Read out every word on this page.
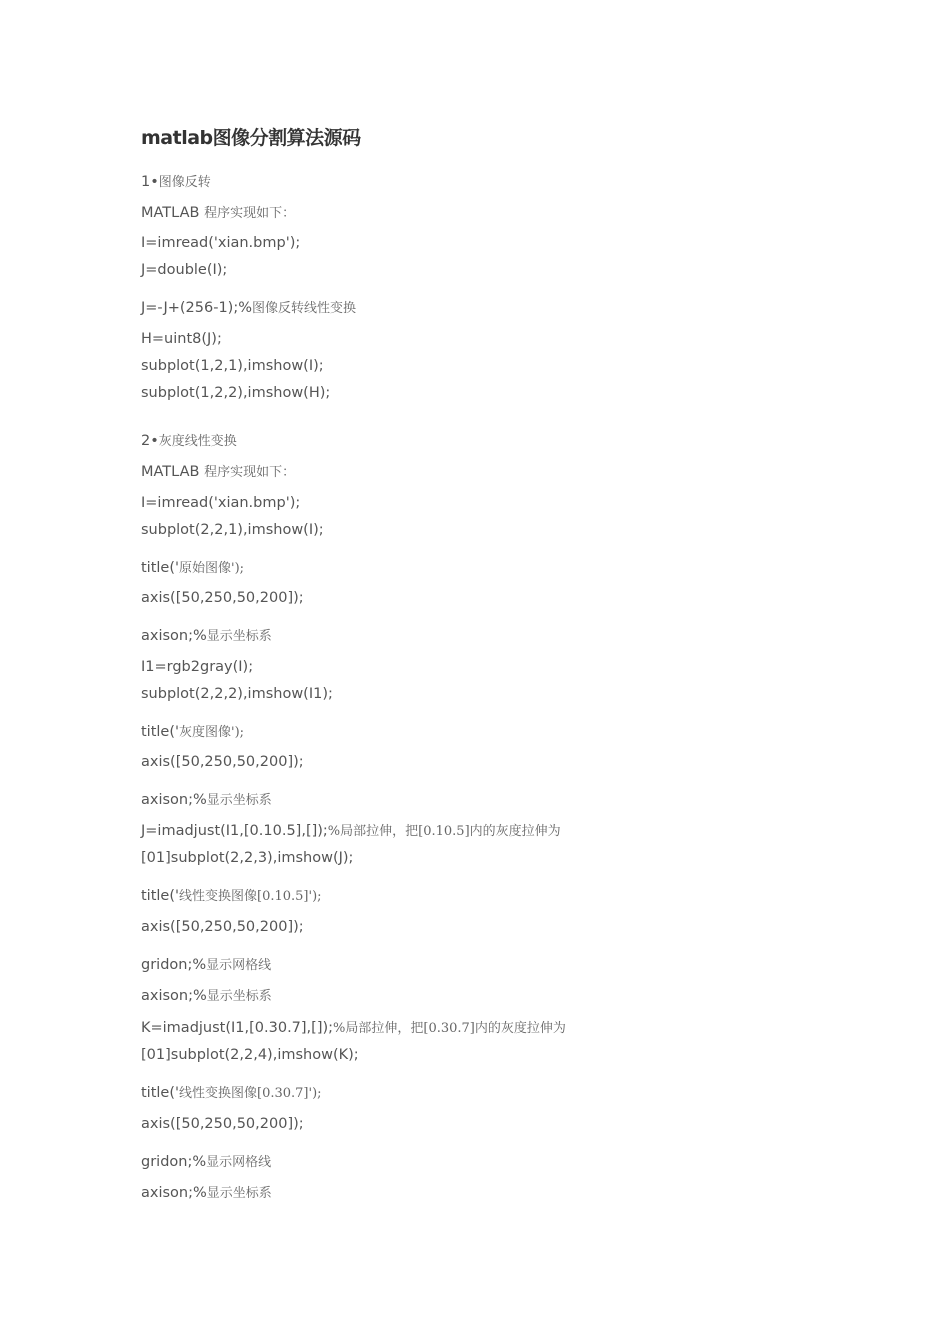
matlab图像分割算法源码
1•图像反转
MATLAB 程序实现如下：
I=imread('xian.bmp');
J=double(I);
J=-J+(256-1);%图像反转线性变换
H=uint8(J);
subplot(1,2,1),imshow(I);
subplot(1,2,2),imshow(H);
2•灰度线性变换
MATLAB 程序实现如下：
I=imread('xian.bmp');
subplot(2,2,1),imshow(I);
title('原始图像');
axis([50,250,50,200]);
axison;%显示坐标系
I1=rgb2gray(I);
subplot(2,2,2),imshow(I1);
title('灰度图像');
axis([50,250,50,200]);
axison;%显示坐标系
J=imadjust(I1,[0.10.5],[]);%局部拉伸，把[0.10.5]内的灰度拉伸为
[01]subplot(2,2,3),imshow(J);
title('线性变换图像[0.10.5]');
axis([50,250,50,200]);
gridon;%显示网格线
axison;%显示坐标系
K=imadjust(I1,[0.30.7],[]);%局部拉伸，把[0.30.7]内的灰度拉伸为
[01]subplot(2,2,4),imshow(K);
title('线性变换图像[0.30.7]');
axis([50,250,50,200]);
gridon;%显示网格线
axison;%显示坐标系
